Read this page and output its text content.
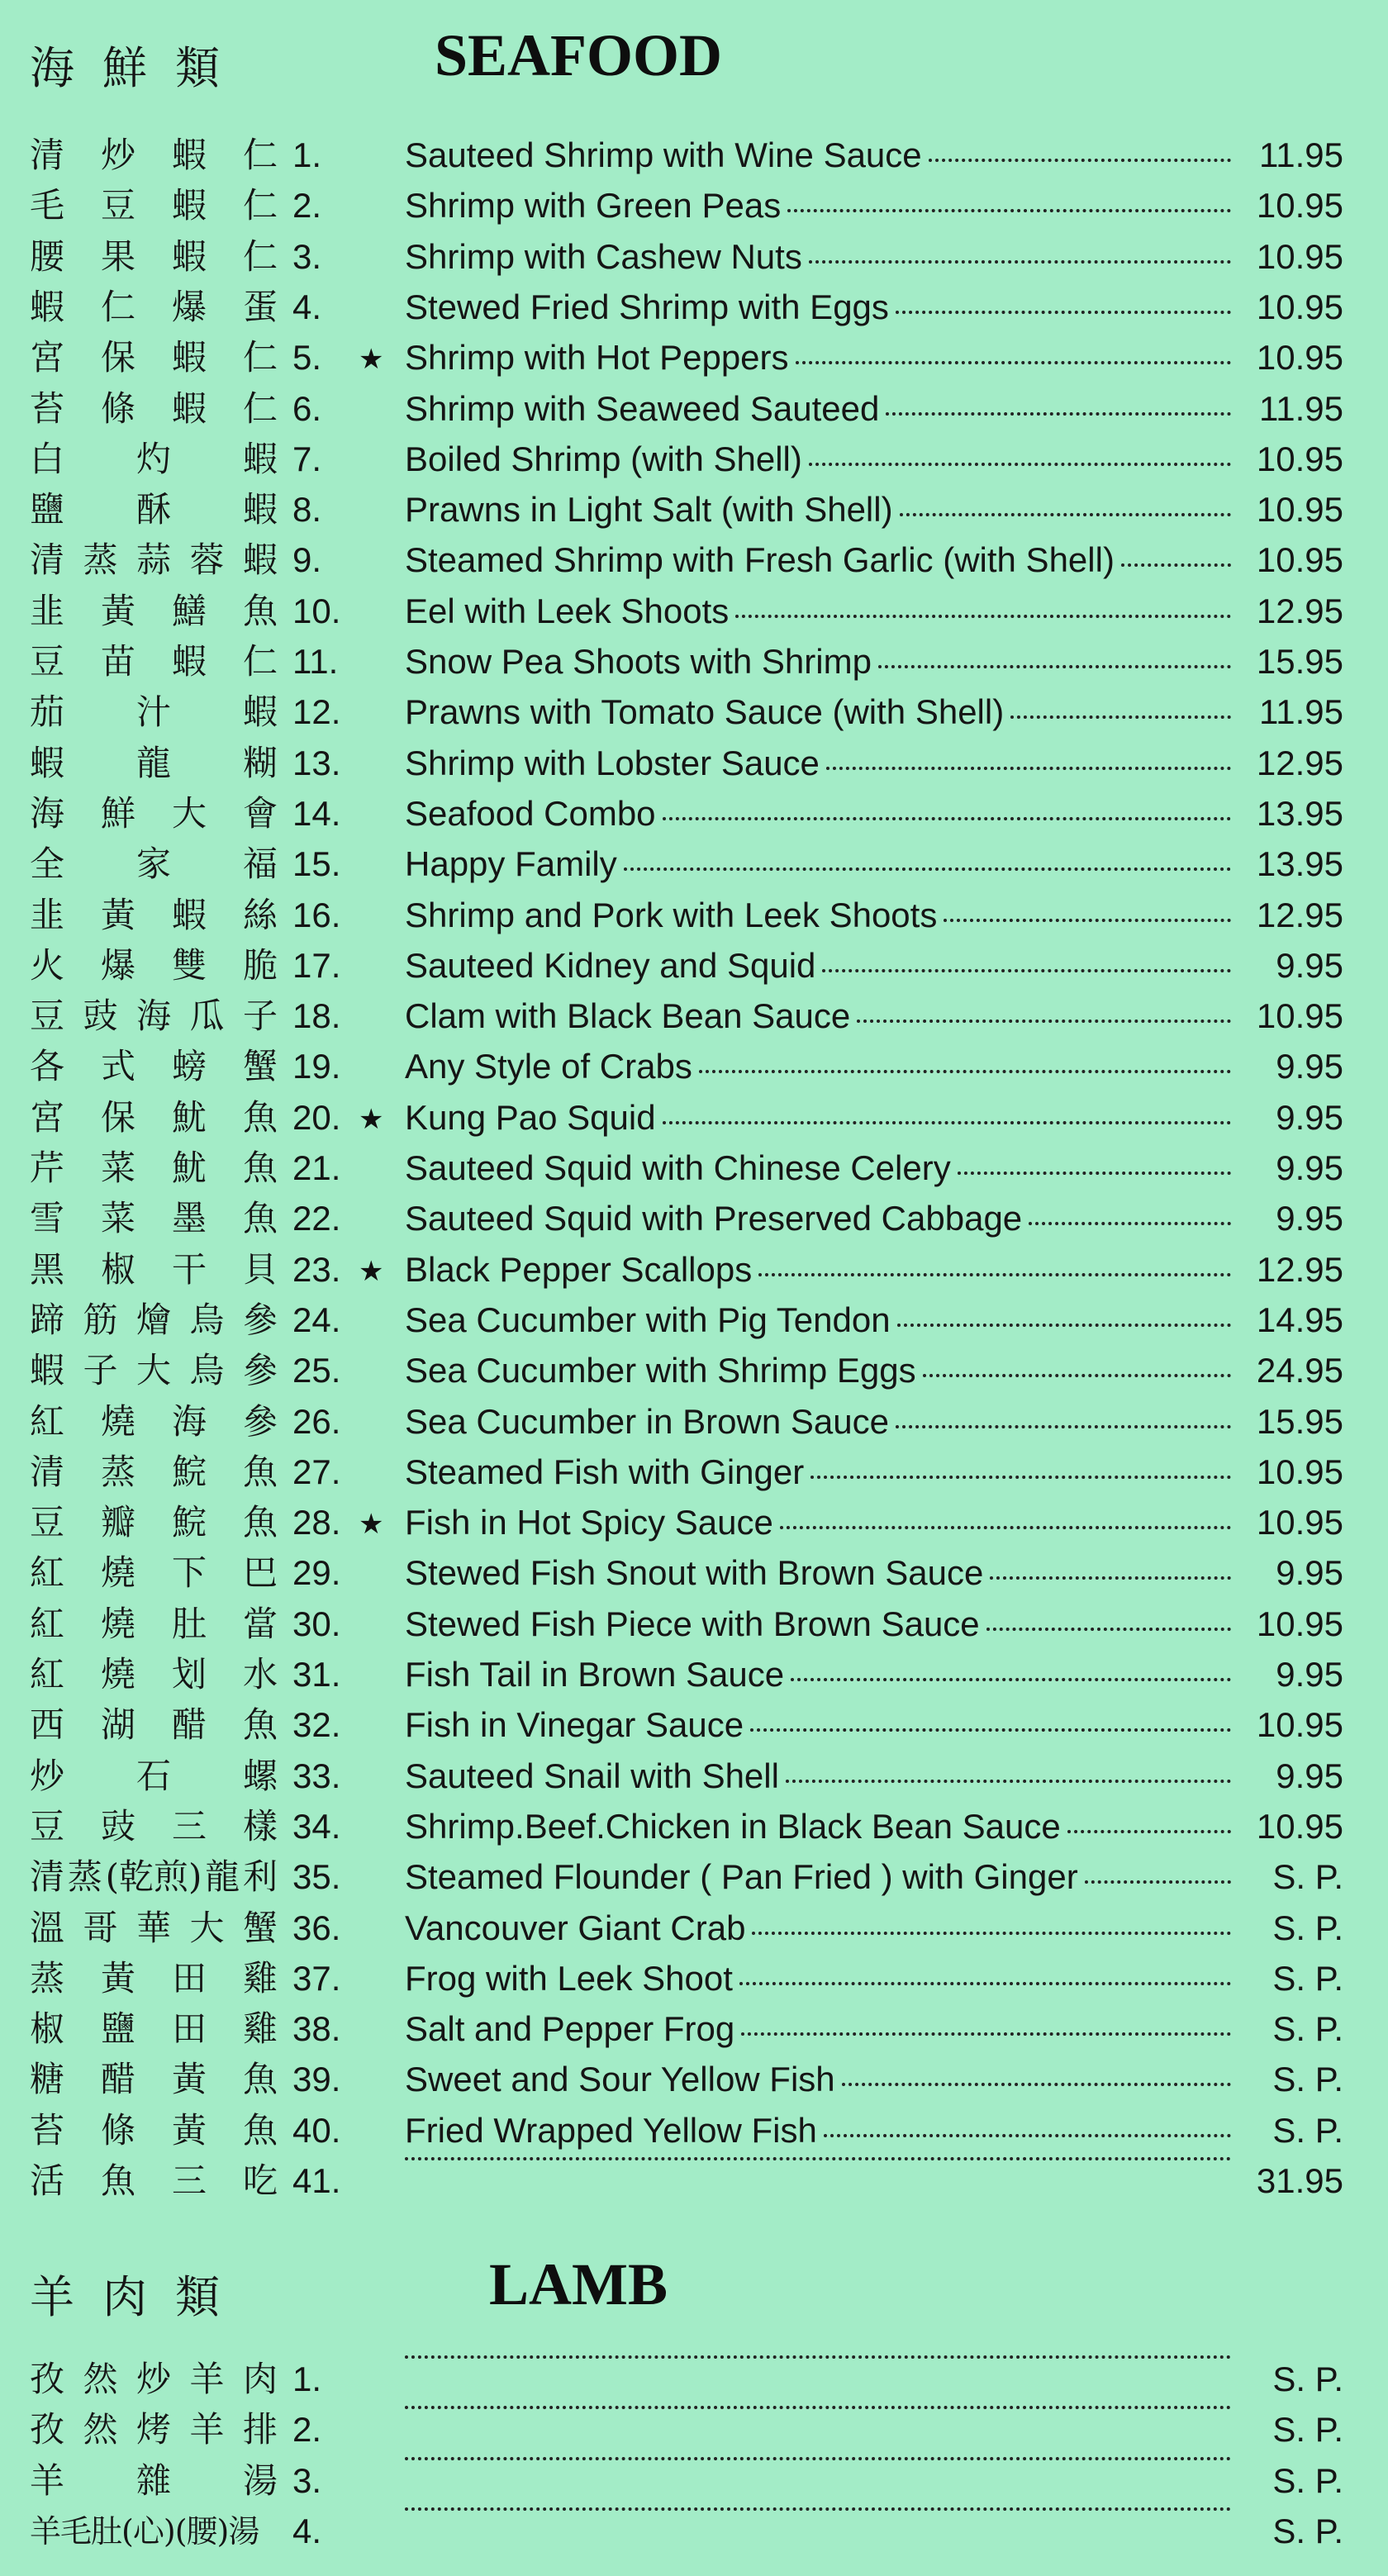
海鮮類	SEAFOOD
清 炒 蝦 仁 1. Sauteed Shrimp with Wine Sauce	11.95
毛 豆 蝦 仁 2. Shrimp with Green Peas	10.95
腰 果 蝦 仁 3. Shrimp with Cashew Nuts	10.95
蝦 仁 爆 蛋 4. Stewed Fried Shrimp with Eggs	10.95
宮 保 蝦 仁 5. ★ Shrimp with Hot Peppers	10.95
苔 條 蝦 仁 6. Shrimp with Seaweed Sauteed	11.95
白 灼 蝦 7. Boiled Shrimp (with Shell)	10.95
鹽 酥 蝦 8. Prawns in Light Salt (with Shell)	10.95
清 蒸 蒜 蓉 蝦 9. Steamed Shrimp with Fresh Garlic (with Shell)	10.95
韭 黃 鱔 魚 10. Eel with Leek Shoots	12.95
豆 苗 蝦 仁 11. Snow Pea Shoots with Shrimp	15.95
茄 汁 蝦 12. Prawns with Tomato Sauce (with Shell)	11.95
蝦 龍 糊 13. Shrimp with Lobster Sauce	12.95
海 鮮 大 會 14. Seafood Combo	13.95
全 家 福 15. Happy Family	13.95
韭 黃 蝦 絲 16. Shrimp and Pork with Leek Shoots	12.95
火 爆 雙 脆 17. Sauteed Kidney and Squid	9.95
豆 豉 海 瓜 子 18. Clam with Black Bean Sauce	10.95
各 式 螃 蟹 19. Any Style of Crabs	9.95
宮 保 魷 魚 20. ★ Kung Pao Squid	9.95
芹 菜 魷 魚 21. Sauteed Squid with Chinese Celery	9.95
雪 菜 墨 魚 22. Sauteed Squid with Preserved Cabbage	9.95
黑 椒 干 貝 23. ★ Black Pepper Scallops	12.95
蹄 筋 燴 烏 參 24. Sea Cucumber with Pig Tendon	14.95
蝦 子 大 烏 參 25. Sea Cucumber with Shrimp Eggs	24.95
紅 燒 海 參 26. Sea Cucumber in Brown Sauce	15.95
清 蒸 鯇 魚 27. Steamed Fish with Ginger	10.95
豆 瓣 鯇 魚 28. ★ Fish in Hot Spicy Sauce	10.95
紅 燒 下 巴 29. Stewed Fish Snout with Brown Sauce	9.95
紅 燒 肚 當 30. Stewed Fish Piece with Brown Sauce	10.95
紅 燒 划 水 31. Fish Tail in Brown Sauce	9.95
西 湖 醋 魚 32. Fish in Vinegar Sauce	10.95
炒 石 螺 33. Sauteed Snail with Shell	9.95
豆 豉 三 樣 34. Shrimp.Beef.Chicken in Black Bean Sauce	10.95
清 蒸 (乾煎) 龍 利 35. Steamed Flounder ( Pan Fried ) with Ginger	S. P.
溫 哥 華 大 蟹 36. Vancouver Giant Crab	S. P.
蒸 黃 田 雞 37. Frog with Leek Shoot	S. P.
椒 鹽 田 雞 38. Salt and Pepper Frog	S. P.
糖 醋 黃 魚 39. Sweet and Sour Yellow Fish	S. P.
苔 條 黃 魚 40. Fried Wrapped Yellow Fish	S. P.
活 魚 三 吃 41.	31.95
羊肉類	LAMB
孜 然 炒 羊 肉 1.	S. P.
孜 然 烤 羊 排 2.	S. P.
羊 雜 湯 3.	S. P.
羊 毛 肚 (心) (腰) 湯 4.	S. P.
